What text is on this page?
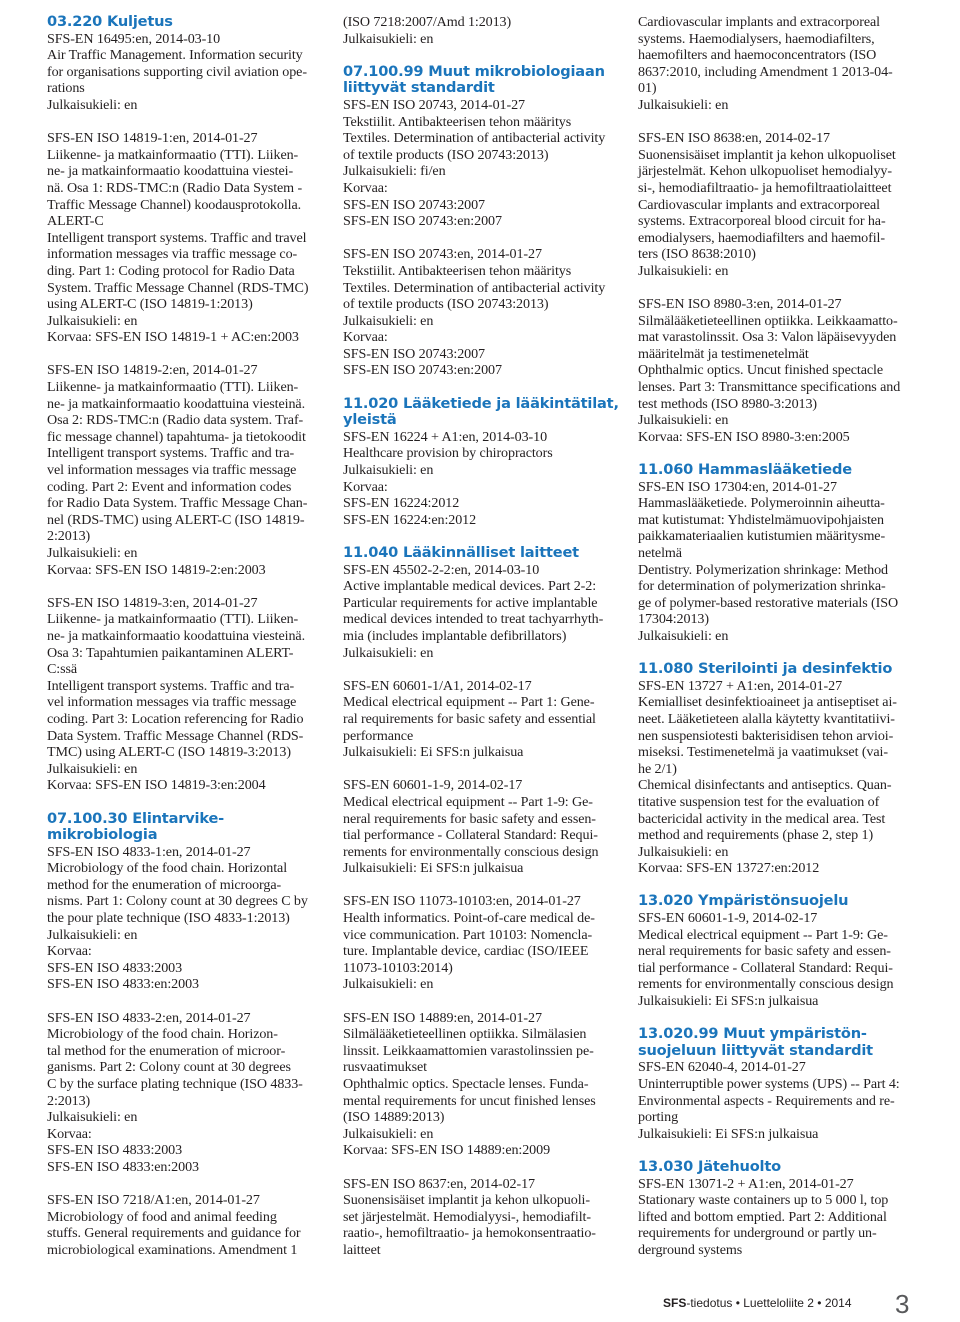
03.220 Kuljetus
SFS-EN 16495:en, 2014-03-10
Air Traffic Management. Information security
for organisations supporting civil aviation ope-
rations
Julkaisukieli: en
SFS-EN ISO 14819-1:en, 2014-01-27
Liikenne- ja matkainformaatio (TTI). Liiken-
ne- ja matkainformaatio koodattuina viestei-
nä. Osa 1: RDS-TMC:n (Radio Data System -
Traffic Message Channel) koodausprotokolla.
ALERT-C
Intelligent transport systems. Traffic and travel
information messages via traffic message co-
ding. Part 1: Coding protocol for Radio Data
System. Traffic Message Channel (RDS-TMC)
using ALERT-C (ISO 14819-1:2013)
Julkaisukieli: en
Korvaa: SFS-EN ISO 14819-1 + AC:en:2003
SFS-EN ISO 14819-2:en, 2014-01-27
Liikenne- ja matkainformaatio (TTI). Liiken-
ne- ja matkainformaatio koodattuina viesteinä.
Osa 2: RDS-TMC:n (Radio data system. Traf-
fic message channel) tapahtuma- ja tietokoodit
Intelligent transport systems. Traffic and tra-
vel information messages via traffic message
coding. Part 2: Event and information codes
for Radio Data System. Traffic Message Chan-
nel (RDS-TMC) using ALERT-C (ISO 14819-
2:2013)
Julkaisukieli: en
Korvaa: SFS-EN ISO 14819-2:en:2003
SFS-EN ISO 14819-3:en, 2014-01-27
Liikenne- ja matkainformaatio (TTI). Liiken-
ne- ja matkainformaatio koodattuina viesteinä.
Osa 3: Tapahtumien paikantaminen ALERT-
C:ssä
Intelligent transport systems. Traffic and tra-
vel information messages via traffic message
coding. Part 3: Location referencing for Radio
Data System. Traffic Message Channel (RDS-
TMC) using ALERT-C (ISO 14819-3:2013)
Julkaisukieli: en
Korvaa: SFS-EN ISO 14819-3:en:2004
07.100.30 Elintarvike-
mikrobiologia
SFS-EN ISO 4833-1:en, 2014-01-27
Microbiology of the food chain. Horizontal
method for the enumeration of microorga-
nisms. Part 1: Colony count at 30 degrees C by
the pour plate technique (ISO 4833-1:2013)
Julkaisukieli: en
Korvaa:
SFS-EN ISO 4833:2003
SFS-EN ISO 4833:en:2003
SFS-EN ISO 4833-2:en, 2014-01-27
Microbiology of the food chain. Horizon-
tal method for the enumeration of microor-
ganisms. Part 2: Colony count at 30 degrees
C by the surface plating technique (ISO 4833-
2:2013)
Julkaisukieli: en
Korvaa:
SFS-EN ISO 4833:2003
SFS-EN ISO 4833:en:2003
SFS-EN ISO 7218/A1:en, 2014-01-27
Microbiology of food and animal feeding
stuffs. General requirements and guidance for
microbiological examinations. Amendment 1
(ISO 7218:2007/Amd 1:2013)
Julkaisukieli: en
07.100.99 Muut mikrobiologiaan
liittyvät standardit
SFS-EN ISO 20743, 2014-01-27
Tekstiilit. Antibakteerisen tehon määritys
Textiles. Determination of antibacterial activity
of textile products (ISO 20743:2013)
Julkaisukieli: fi/en
Korvaa:
SFS-EN ISO 20743:2007
SFS-EN ISO 20743:en:2007
SFS-EN ISO 20743:en, 2014-01-27
Tekstiilit. Antibakteerisen tehon määritys
Textiles. Determination of antibacterial activity
of textile products (ISO 20743:2013)
Julkaisukieli: en
Korvaa:
SFS-EN ISO 20743:2007
SFS-EN ISO 20743:en:2007
11.020 Lääketiede ja lääkintätilat,
yleistä
SFS-EN 16224 + A1:en, 2014-03-10
Healthcare provision by chiropractors
Julkaisukieli: en
Korvaa:
SFS-EN 16224:2012
SFS-EN 16224:en:2012
11.040 Lääkinnälliset laitteet
SFS-EN 45502-2-2:en, 2014-03-10
Active implantable medical devices. Part 2-2:
Particular requirements for active implantable
medical devices intended to treat tachyarrhyth-
mia (includes implantable defibrillators)
Julkaisukieli: en
SFS-EN 60601-1/A1, 2014-02-17
Medical electrical equipment -- Part 1: Gene-
ral requirements for basic safety and essential
performance
Julkaisukieli: Ei SFS:n julkaisua
SFS-EN 60601-1-9, 2014-02-17
Medical electrical equipment -- Part 1-9: Ge-
neral requirements for basic safety and essen-
tial performance - Collateral Standard: Requi-
rements for environmentally conscious design
Julkaisukieli: Ei SFS:n julkaisua
SFS-EN ISO 11073-10103:en, 2014-01-27
Health informatics. Point-of-care medical de-
vice communication. Part 10103: Nomencla-
ture. Implantable device, cardiac (ISO/IEEE
11073-10103:2014)
Julkaisukieli: en
SFS-EN ISO 14889:en, 2014-01-27
Silmälääketieteellinen optiikka. Silmälasien
linssit. Leikkaamattomien varastolinssien pe-
rusvaatimukset
Ophthalmic optics. Spectacle lenses. Funda-
mental requirements for uncut finished lenses
(ISO 14889:2013)
Julkaisukieli: en
Korvaa: SFS-EN ISO 14889:en:2009
SFS-EN ISO 8637:en, 2014-02-17
Suonensisäiset implantit ja kehon ulkopuoli-
set järjestelmät. Hemodialyysi-, hemodiafilt-
raatio-, hemofiltraatio- ja hemokonsentraatio-
laitteet
Cardiovascular implants and extracorporeal
systems. Haemodialysers, haemodiafilters,
haemofilters and haemoconcentrators (ISO
8637:2010, including Amendment 1 2013-04-
01)
Julkaisukieli: en
SFS-EN ISO 8638:en, 2014-02-17
Suonensisäiset implantit ja kehon ulkopuoliset
järjestelmät. Kehon ulkopuoliset hemodialyy-
si-, hemodiafiltraatio- ja hemofiltraatiolaitteet
Cardiovascular implants and extracorporeal
systems. Extracorporeal blood circuit for ha-
emodialysers, haemodiafilters and haemofil-
ters (ISO 8638:2010)
Julkaisukieli: en
SFS-EN ISO 8980-3:en, 2014-01-27
Silmälääketieteellinen optiikka. Leikkaamatto-
mat varastolinssit. Osa 3: Valon läpäisevyyden
määritelmät ja testimenetelmät
Ophthalmic optics. Uncut finished spectacle
lenses. Part 3: Transmittance specifications and
test methods (ISO 8980-3:2013)
Julkaisukieli: en
Korvaa: SFS-EN ISO 8980-3:en:2005
11.060 Hammaslääketiede
SFS-EN ISO 17304:en, 2014-01-27
Hammaslääketiede. Polymeroinnin aiheutta-
mat kutistumat: Yhdistelmämuovipohjaisten
paikkamateriaalien kutistumien määritysme-
netelmä
Dentistry. Polymerization shrinkage: Method
for determination of polymerization shrinka-
ge of polymer-based restorative materials (ISO
17304:2013)
Julkaisukieli: en
11.080 Sterilointi ja desinfektio
SFS-EN 13727 + A1:en, 2014-01-27
Kemialliset desinfektioaineet ja antiseptiset ai-
neet. Lääketieteen alalla käytetty kvantitatiivi-
nen suspensiotesti bakterisidisen tehon arvioi-
miseksi. Testimenetelmä ja vaatimukset (vai-
he 2/1)
Chemical disinfectants and antiseptics. Quan-
titative suspension test for the evaluation of
bactericidal activity in the medical area. Test
method and requirements (phase 2, step 1)
Julkaisukieli: en
Korvaa: SFS-EN 13727:en:2012
13.020 Ympäristönsuojelu
SFS-EN 60601-1-9, 2014-02-17
Medical electrical equipment -- Part 1-9: Ge-
neral requirements for basic safety and essen-
tial performance - Collateral Standard: Requi-
rements for environmentally conscious design
Julkaisukieli: Ei SFS:n julkaisua
13.020.99 Muut ympäristön-
suojeluun liittyvät standardit
SFS-EN 62040-4, 2014-01-27
Uninterruptible power systems (UPS) -- Part 4:
Environmental aspects - Requirements and re-
porting
Julkaisukieli: Ei SFS:n julkaisua
13.030 Jätehuolto
SFS-EN 13071-2 + A1:en, 2014-01-27
Stationary waste containers up to 5 000 l, top
lifted and bottom emptied. Part 2: Additional
requirements for underground or partly un-
derground systems
SFS-tiedotus • Luetteloliite 2 • 2014 3
